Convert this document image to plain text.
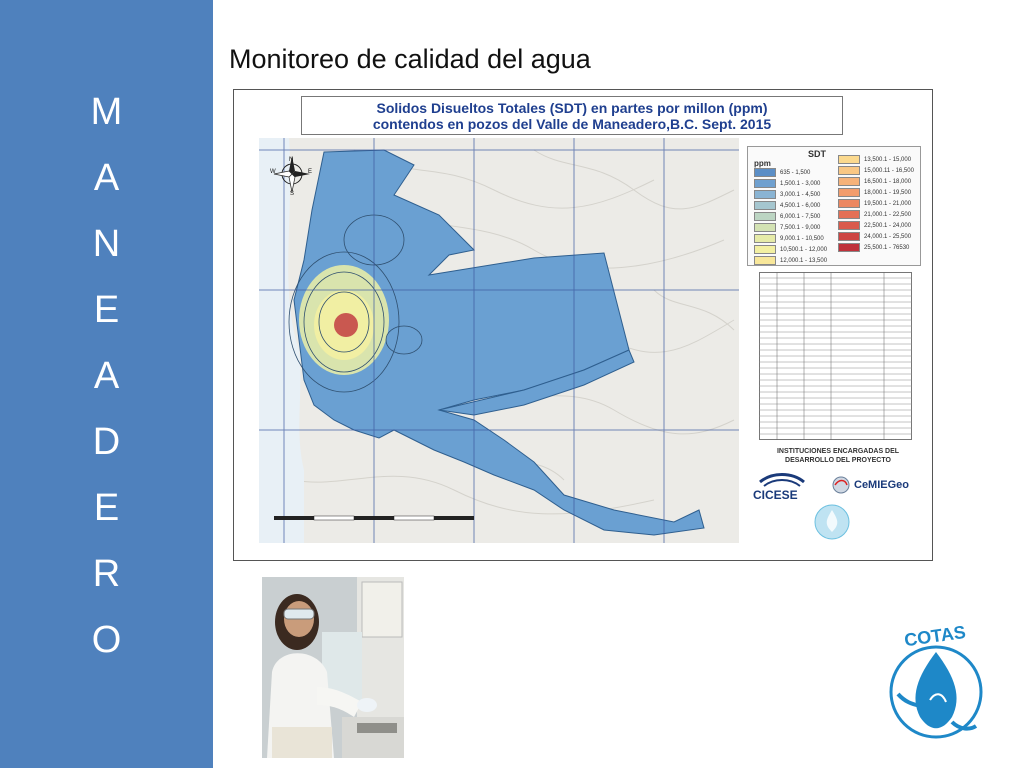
M
A
N
E
A
D
E
R
O
Monitoreo de calidad del agua
N
S
E
W
Solidos Disueltos Totales (SDT) en partes por millon (ppm)
contendos en pozos del Valle de Maneadero,B.C. Sept. 2015
SDT
ppm
635 - 1,500
1,500.1 - 3,000
3,000.1 - 4,500
4,500.1 - 6,000
6,000.1 - 7,500
7,500.1 - 9,000
9,000.1 - 10,500
10,500.1 - 12,000
12,000.1 - 13,500
13,500.1 - 15,000
15,000.11 - 16,500
16,500.1 - 18,000
18,000.1 - 19,500
19,500.1 - 21,000
21,000.1 - 22,500
22,500.1 - 24,000
24,000.1 - 25,500
25,500.1 - 76530
INSTITUCIONES ENCARGADAS DEL
DESARROLLO DEL PROYECTO
CICESE
CeMIEGeo
COTAS
